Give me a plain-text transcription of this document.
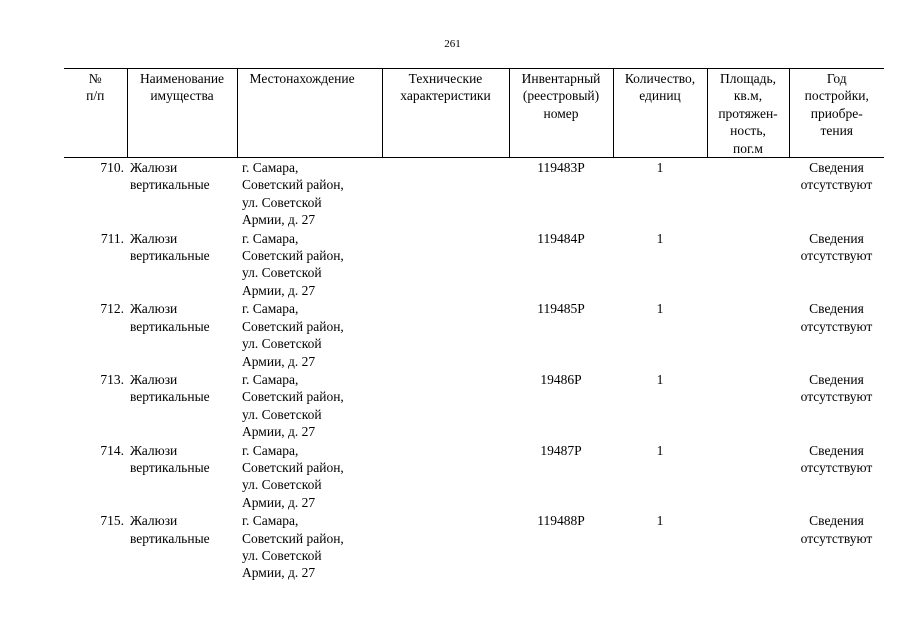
261
№
п/п	Наименование
имущества	Местонахождение	Технические
характеристики	Инвентарный
(реестровый)
номер	Количество,
единиц	Площадь,
кв.м,
протяжен-
ность,
пог.м	Год
постройки,
приобре-
тения
710.	Жалюзи
вертикальные	г. Самара,
Советский район,
ул. Советской
Армии, д. 27		119483Р	1		Сведения
отсутствуют
711.	Жалюзи
вертикальные	г. Самара,
Советский район,
ул. Советской
Армии, д. 27		119484Р	1		Сведения
отсутствуют
712.	Жалюзи
вертикальные	г. Самара,
Советский район,
ул. Советской
Армии, д. 27		119485Р	1		Сведения
отсутствуют
713.	Жалюзи
вертикальные	г. Самара,
Советский район,
ул. Советской
Армии, д. 27		19486Р	1		Сведения
отсутствуют
714.	Жалюзи
вертикальные	г. Самара,
Советский район,
ул. Советской
Армии, д. 27		19487Р	1		Сведения
отсутствуют
715.	Жалюзи
вертикальные	г. Самара,
Советский район,
ул. Советской
Армии, д. 27		119488Р	1		Сведения
отсутствуют
